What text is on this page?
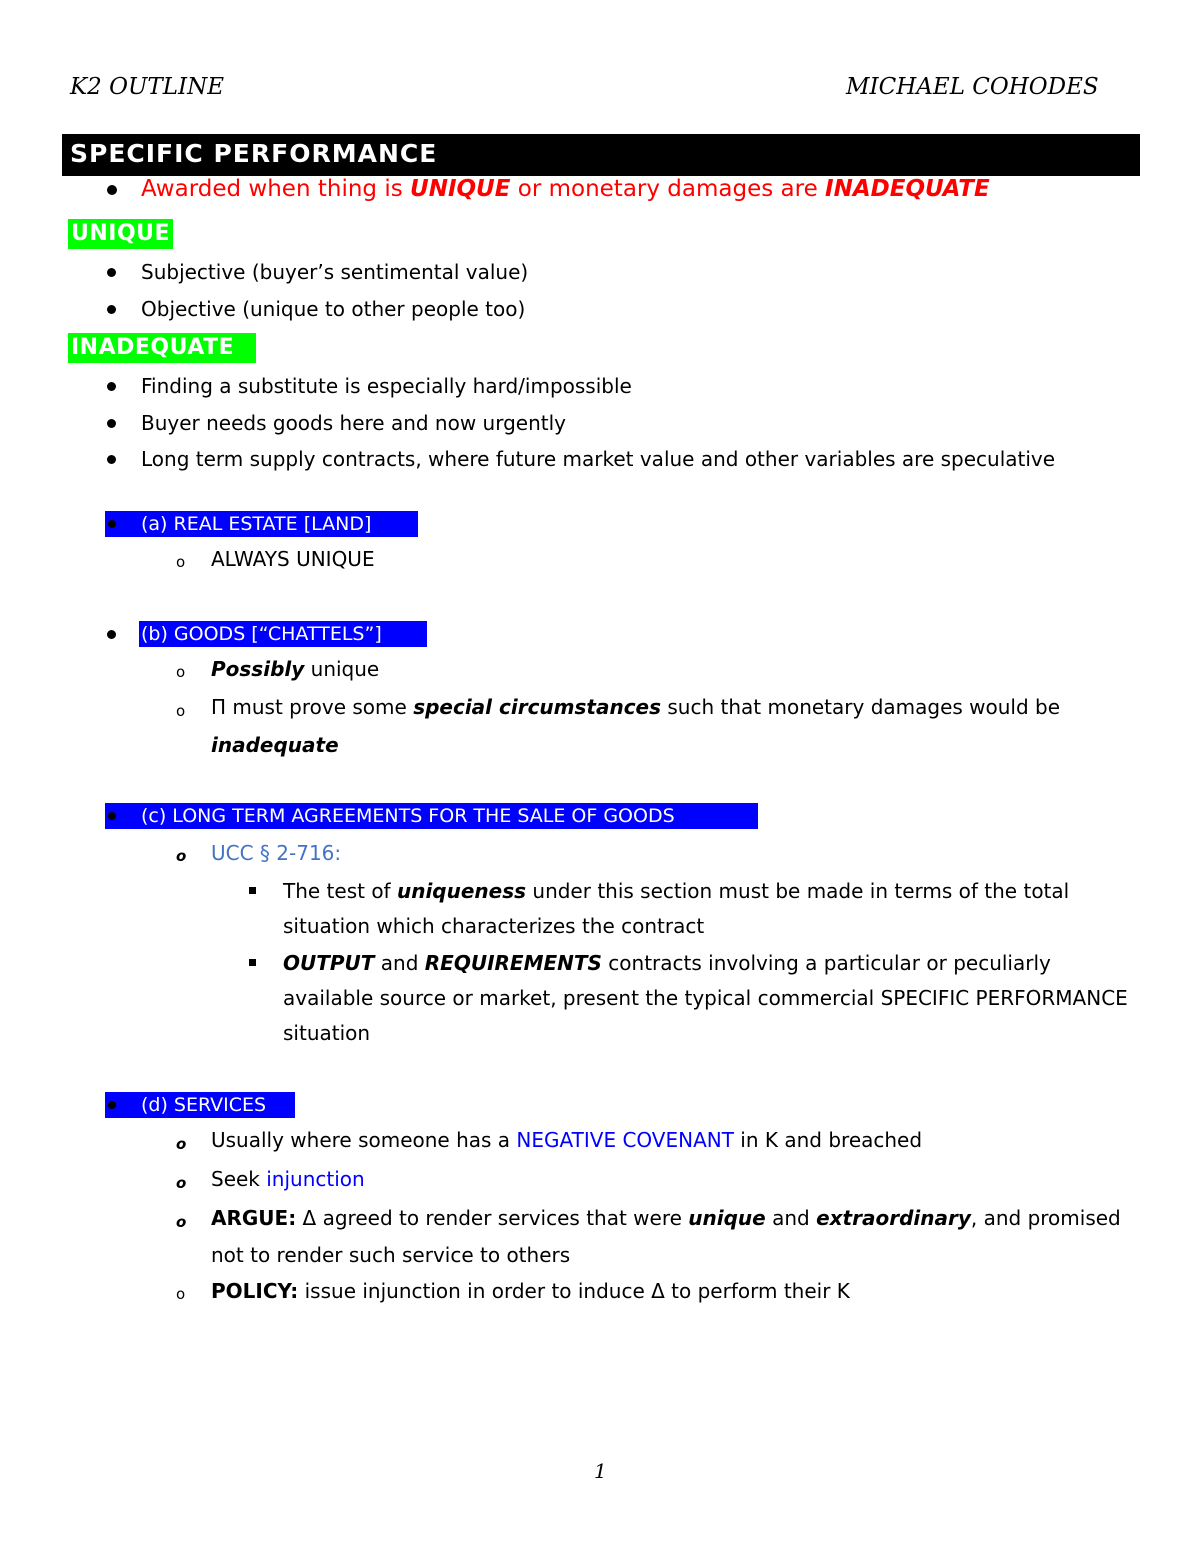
K2 OUTLINE	MICHAEL COHODES
SPECIFIC PERFORMANCE
Awarded when thing is UNIQUE or monetary damages are INADEQUATE
UNIQUE
Subjective (buyer’s sentimental value)
Objective (unique to other people too)
INADEQUATE
Finding a substitute is especially hard/impossible
Buyer needs goods here and now urgently
Long term supply contracts, where future market value and other variables are speculative
(a) REAL ESTATE [LAND]
o ALWAYS UNIQUE
(b) GOODS [“CHATTELS”]
o Possibly unique
o Π must prove some special circumstances such that monetary damages would be
inadequate
(c) LONG TERM AGREEMENTS FOR THE SALE OF GOODS
o UCC § 2-716:
The test of uniqueness under this section must be made in terms of the total
situation which characterizes the contract
OUTPUT and REQUIREMENTS contracts involving a particular or peculiarly
available source or market, present the typical commercial SPECIFIC PERFORMANCE
situation
(d) SERVICES
o Usually where someone has a NEGATIVE COVENANT in K and breached
o Seek injunction
o ARGUE: Δ agreed to render services that were unique and extraordinary, and promised
not to render such service to others
o POLICY: issue injunction in order to induce Δ to perform their K
1
